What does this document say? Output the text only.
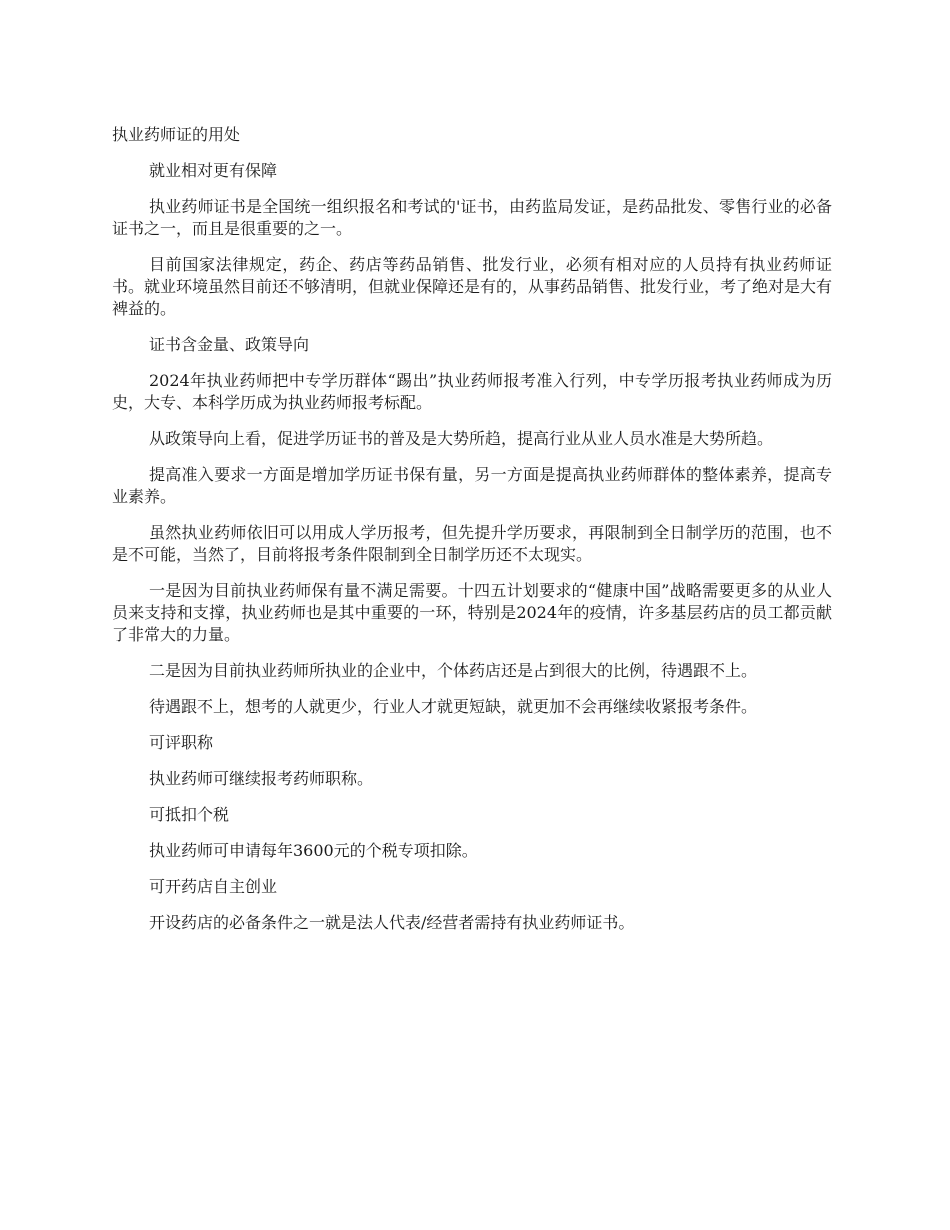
执业药师证的用处

就业相对更有保障

执业药师证书是全国统一组织报名和考试的'证书，由药监局发证，是药品批发、零售行业的必备证书之一，而且是很重要的之一。

目前国家法律规定，药企、药店等药品销售、批发行业，必须有相对应的人员持有执业药师证书。就业环境虽然目前还不够清明，但就业保障还是有的，从事药品销售、批发行业，考了绝对是大有裨益的。

证书含金量、政策导向

2024年执业药师把中专学历群体“踢出”执业药师报考准入行列，中专学历报考执业药师成为历史，大专、本科学历成为执业药师报考标配。

从政策导向上看，促进学历证书的普及是大势所趋，提高行业从业人员水准是大势所趋。

提高准入要求一方面是增加学历证书保有量，另一方面是提高执业药师群体的整体素养，提高专业素养。

虽然执业药师依旧可以用成人学历报考，但先提升学历要求，再限制到全日制学历的范围，也不是不可能，当然了，目前将报考条件限制到全日制学历还不太现实。

一是因为目前执业药师保有量不满足需要。十四五计划要求的“健康中国”战略需要更多的从业人员来支持和支撑，执业药师也是其中重要的一环，特别是2024年的疫情，许多基层药店的员工都贡献了非常大的力量。

二是因为目前执业药师所执业的企业中，个体药店还是占到很大的比例，待遇跟不上。

待遇跟不上，想考的人就更少，行业人才就更短缺，就更加不会再继续收紧报考条件。

可评职称

执业药师可继续报考药师职称。

可抵扣个税

执业药师可申请每年3600元的个税专项扣除。

可开药店自主创业

开设药店的必备条件之一就是法人代表/经营者需持有执业药师证书。
